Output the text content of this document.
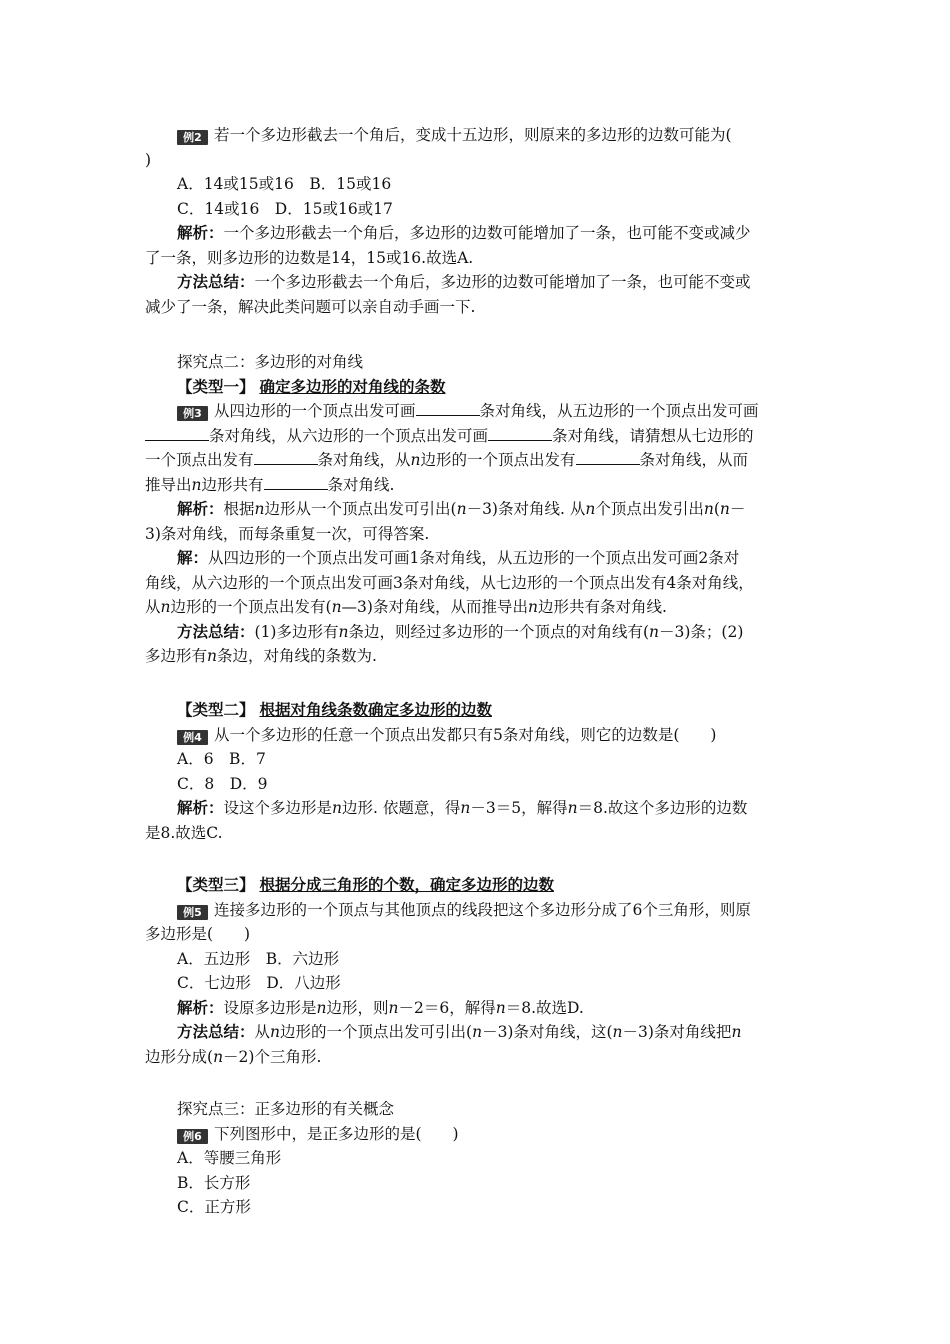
例2 若一个多边形截去一个角后，变成十五边形，则原来的多边形的边数可能为(

)

A．14或15或16　B．15或16

C．14或16　D．15或16或17

解析：一个多边形截去一个角后，多边形的边数可能增加了一条，也可能不变或减少

了一条，则多边形的边数是14，15或16.故选A.

方法总结：一个多边形截去一个角后，多边形的边数可能增加了一条，也可能不变或

减少了一条，解决此类问题可以亲自动手画一下.

探究点二：多边形的对角线

【类型一】 确定多边形的对角线的条数

例3 从四边形的一个顶点出发可画	条对角线，从五边形的一个顶点出发可画

条对角线，从六边形的一个顶点出发可画	条对角线，请猜想从七边形的

一个顶点出发有	条对角线，从n边形的一个顶点出发有	条对角线，从而

推导出n边形共有	条对角线.

解析：根据n边形从一个顶点出发可引出(n－3)条对角线. 从n个顶点出发引出n(n－

3)条对角线，而每条重复一次，可得答案.

解：从四边形的一个顶点出发可画1条对角线，从五边形的一个顶点出发可画2条对

角线，从六边形的一个顶点出发可画3条对角线，从七边形的一个顶点出发有4条对角线，

从n边形的一个顶点出发有(n—3)条对角线，从而推导出n边形共有条对角线.

方法总结：(1)多边形有n条边，则经过多边形的一个顶点的对角线有(n－3)条；(2)

多边形有n条边，对角线的条数为.

【类型二】 根据对角线条数确定多边形的边数

例4 从一个多边形的任意一个顶点出发都只有5条对角线，则它的边数是(　　)

A．6　B．7

C．8　D．9

解析：设这个多边形是n边形. 依题意，得n－3＝5，解得n＝8.故这个多边形的边数

是8.故选C.

【类型三】 根据分成三角形的个数，确定多边形的边数

例5 连接多边形的一个顶点与其他顶点的线段把这个多边形分成了6个三角形，则原

多边形是(　　)

A．五边形　B．六边形

C．七边形　D．八边形

解析：设原多边形是n边形，则n－2＝6，解得n＝8.故选D.

方法总结：从n边形的一个顶点出发可引出(n－3)条对角线，这(n－3)条对角线把n

边形分成(n－2)个三角形.

探究点三：正多边形的有关概念

例6 下列图形中，是正多边形的是(　　)

A．等腰三角形

B．长方形

C．正方形
